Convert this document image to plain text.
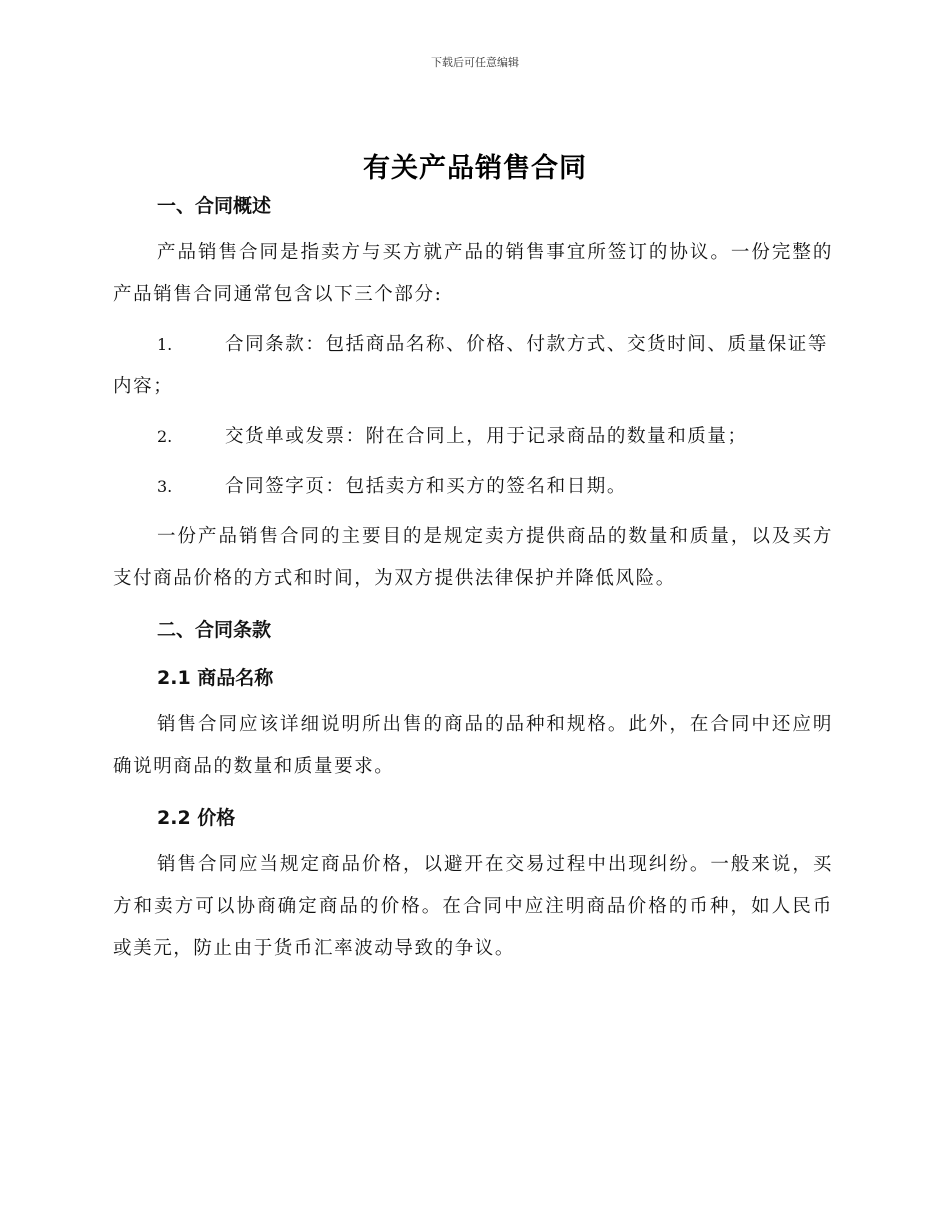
下载后可任意编辑
有关产品销售合同
一、合同概述

产品销售合同是指卖方与买方就产品的销售事宜所签订的协议。一份完整的产品销售合同通常包含以下三个部分:

1.	合同条款：包括商品名称、价格、付款方式、交货时间、质量保证等内容；

2.	交货单或发票：附在合同上，用于记录商品的数量和质量；

3.	合同签字页：包括卖方和买方的签名和日期。

一份产品销售合同的主要目的是规定卖方提供商品的数量和质量，以及买方支付商品价格的方式和时间，为双方提供法律保护并降低风险。

二、合同条款
2.1 商品名称

销售合同应该详细说明所出售的商品的品种和规格。此外，在合同中还应明确说明商品的数量和质量要求。

2.2 价格

销售合同应当规定商品价格，以避开在交易过程中出现纠纷。一般来说，买方和卖方可以协商确定商品的价格。在合同中应注明商品价格的币种，如人民币或美元，防止由于货币汇率波动导致的争议。
